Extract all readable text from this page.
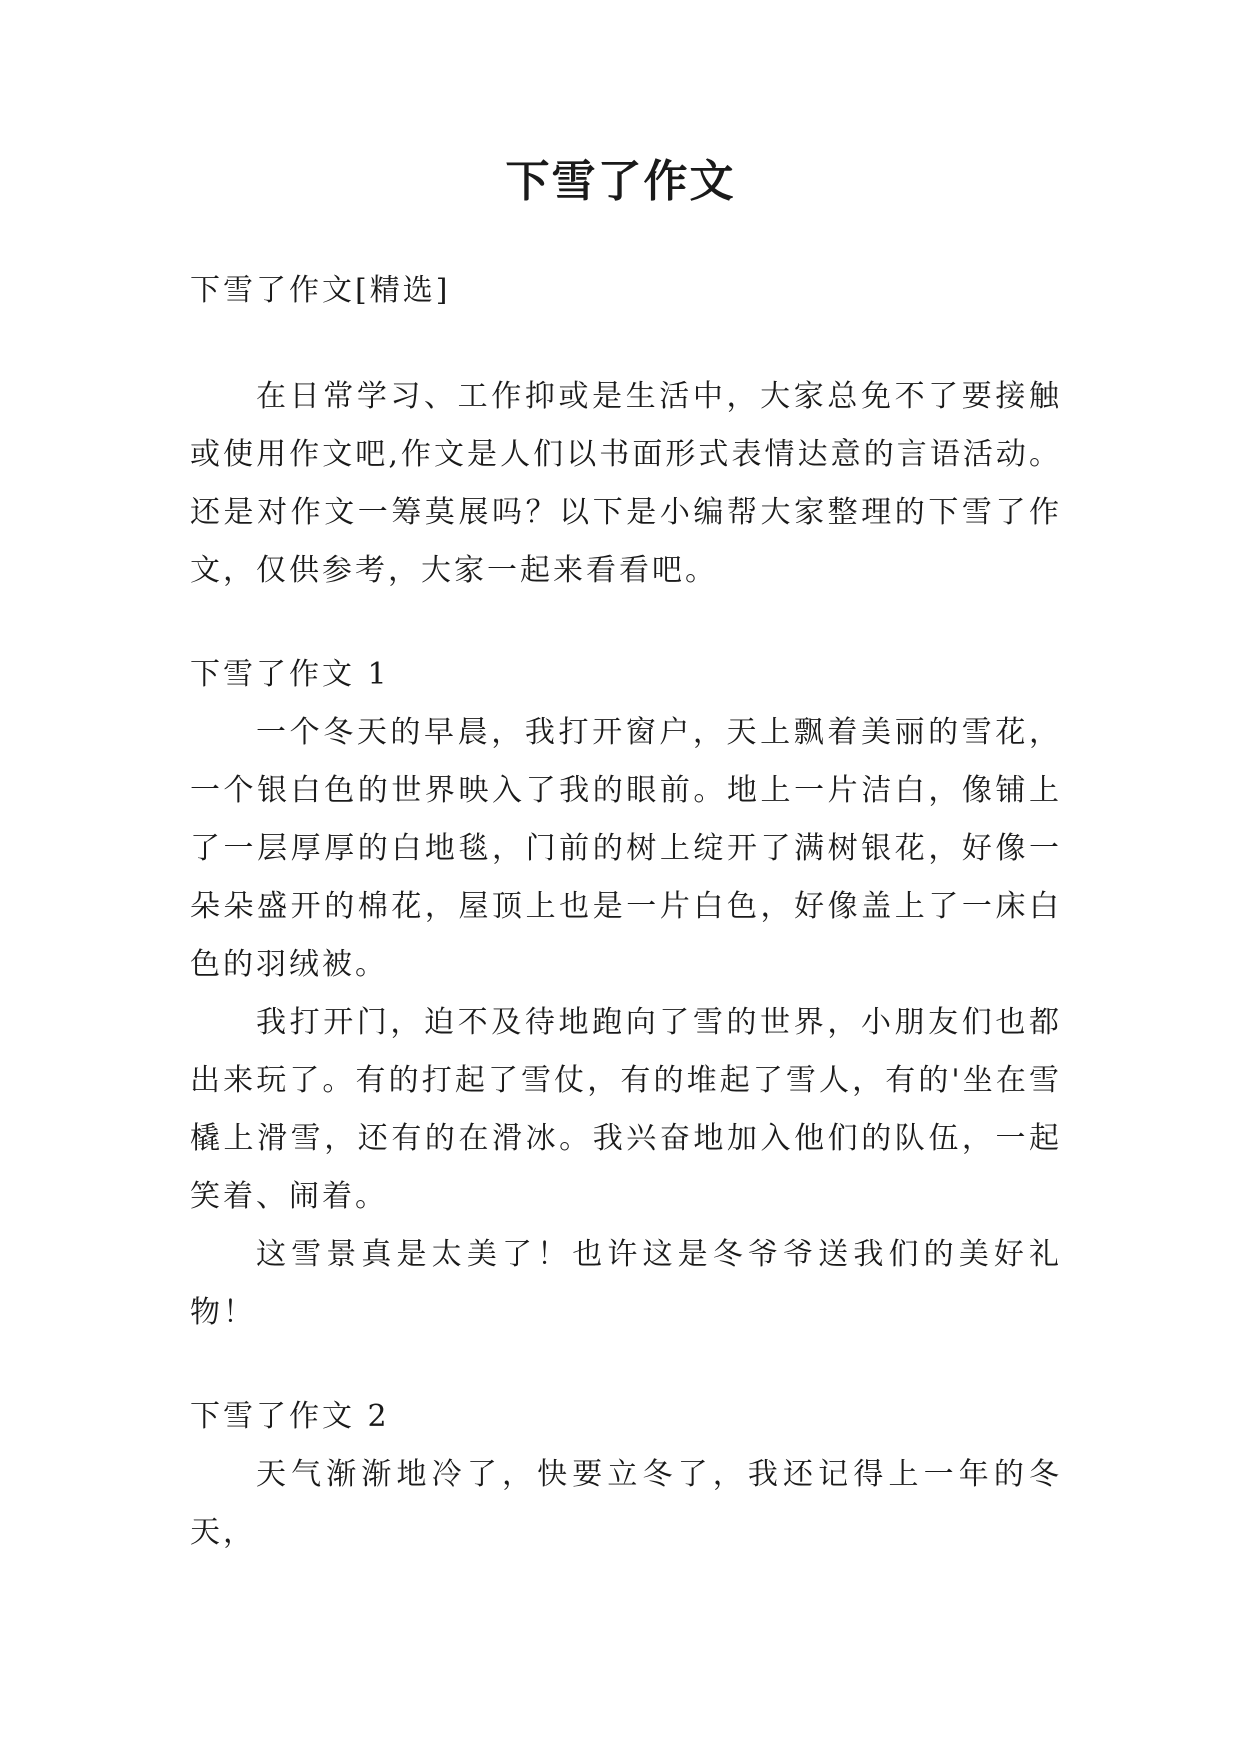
下雪了作文

下雪了作文[精选]

在日常学习、工作抑或是生活中，大家总免不了要接触或使用作文吧,作文是人们以书面形式表情达意的言语活动。还是对作文一筹莫展吗？以下是小编帮大家整理的下雪了作文，仅供参考，大家一起来看看吧。

下雪了作文 1

一个冬天的早晨，我打开窗户，天上飘着美丽的雪花，一个银白色的世界映入了我的眼前。地上一片洁白，像铺上了一层厚厚的白地毯，门前的树上绽开了满树银花，好像一朵朵盛开的棉花，屋顶上也是一片白色，好像盖上了一床白色的羽绒被。

我打开门，迫不及待地跑向了雪的世界，小朋友们也都出来玩了。有的打起了雪仗，有的堆起了雪人，有的'坐在雪橇上滑雪，还有的在滑冰。我兴奋地加入他们的队伍，一起笑着、闹着。

这雪景真是太美了！也许这是冬爷爷送我们的美好礼物！

下雪了作文 2

天气渐渐地冷了，快要立冬了，我还记得上一年的冬天，
